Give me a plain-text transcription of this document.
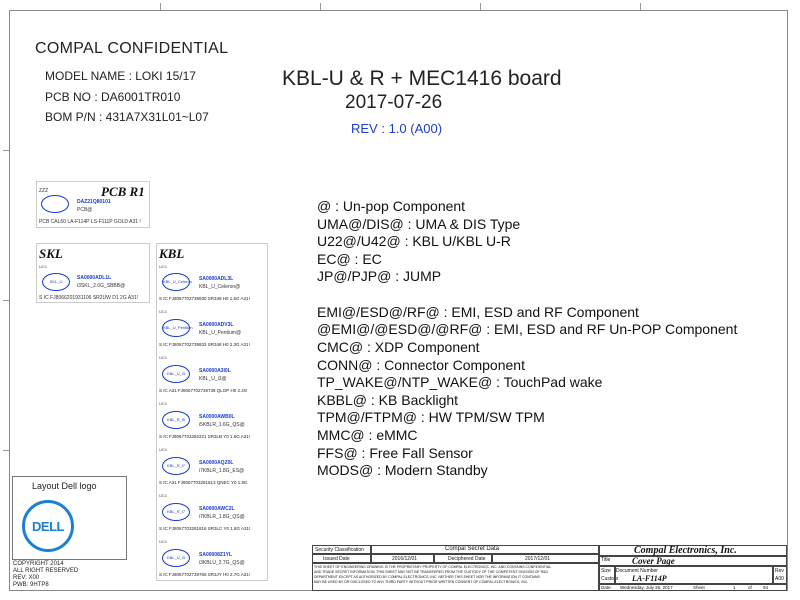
COMPAL CONFIDENTIAL
MODEL NAME : LOKI 15/17
PCB NO : DA6001TR010
BOM P/N : 431A7X31L01~L07
KBL-U & R + MEC1416 board
2017-07-26
REV : 1.0 (A00)
@ : Un-pop Component
UMA@/DIS@ : UMA & DIS Type
U22@/U42@ : KBL U/KBL U-R
EC@ : EC
JP@/PJP@ : JUMP
EMI@/ESD@/RF@ : EMI, ESD and RF Component
@EMI@/@ESD@/@RF@ : EMI, ESD and RF Un-POP Component
CMC@ : XDP Component
CONN@ : Connector Component
TP_WAKE@/NTP_WAKE@ : TouchPad wake
KBBL@ : KB Backlight
TPM@/FTPM@ : HW TPM/SW TPM
MMC@ : eMMC
FFS@ : Free Fall Sensor
MODS@ : Modern Standby
PCB R1
ZZZ
DAZ21Q80101
PCB@
PCB CAL60 LA-F114P LS-F111P GOLD A31 !
SKL
UC1
SKL_U
SA0000ADL1L
i3SKL_2.0G_SBBB@
S IC FJ8066201931106 SR2UW D1 2G A31!
KBL
UC1
KBL_U_Celeron SA0000ADL3L
KBL_U_Celeron@
S IC FJ8067702739930 SR349 H0 1.6G A31!
UC1
KBL_U_Pentium SA0000ADV3L
KBL_U_Pentium@
S IC FJ8067702739933 SR348 H0 2.3G A31!
UC1
KBL_U_i3	SA0000A3I0L
KBL_U_i3@
S IC A31 FJ8067702739738 QLOP H0 2.4G
UC1
KBL_R_i5	SA0000AWB0L
i5KBLR_1.6G_QS@
S IC FJ8067703282221 SR3LB Y0 1.6G A31!
UC1
KBL_R_i7	SA0000AQZ0L
i7KBLR_1.8G_ES@
S IC A31 FJ8067703281813 QNEC Y0 1.8G
UC1
KBL_R_i7	SA0000AWC2L
i7KBLR_1.8G_QS@
S IC FJ8067703281816 SR3LC Y0 1.8G A31!
UC1
KBL_U_i3	SA00008Z1YL
i3KBLU_2.7G_QS@
S IC FJ8067702739765 SR3JY H0 2.7G A31!
Layout Dell logo
DELL
COPYRIGHT 2014
ALL RIGHT RESERVED
REV: X00
PWB: 9HTP8
Security Classification	Compal Secret Data
Issued Date	2016/12/01	Deciphered Date	2017/12/01
THIS SHEET OF ENGINEERING DRAWING IS THE PROPRIETARY PROPERTY OF COMPAL ELECTRONICS, INC. AND CONTAINS CONFIDENTIAL
AND TRADE SECRET INFORMATION. THIS SHEET MAY NOT BE TRANSFERED FROM THE CUSTODY OF THE COMPETENT DIVISION OF R&D
DEPARTMENT EXCEPT AS AUTHORIZED BY COMPAL ELECTRONICS, INC. NEITHER THIS SHEET NOR THE INFORMATION IT CONTAINS
MAY BE USED BY OR DISCLOSED TO ANY THIRD PARTY WITHOUT PRIOR WRITTEN CONSENT OF COMPAL ELECTRONICS, INC.
Compal Electronics, Inc.
Title Cover Page
Size
Custom
Document Number
LA-F114P
Rev
A00
Date: Wednesday, July 26, 2017	Sheet	1	of 94
